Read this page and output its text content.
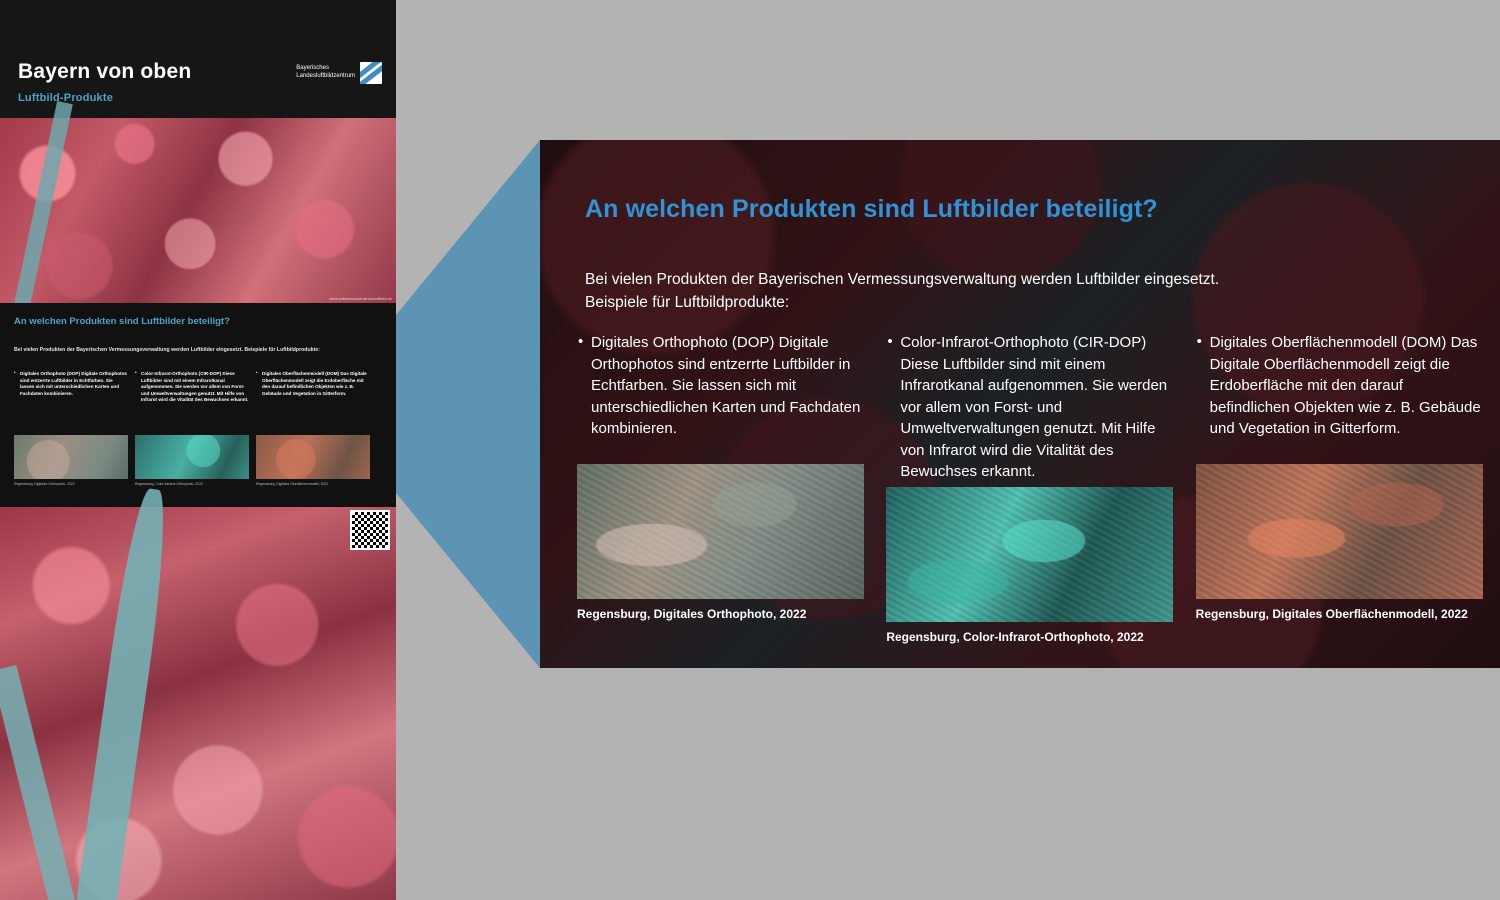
Bayern von oben
Luftbild-Produkte
Bayerisches
Landesluftbildzentrum
www.wissenschaft-landesluftbild.de
An welchen Produkten sind Luftbilder beteiligt?
Bei vielen Produkten der Bayerischen Vermessungsverwaltung werden Luftbilder eingesetzt. Beispiele für Luftbildprodukte:
• Digitales Orthophoto (DOP) Digitale Orthophotos sind entzerrte Luftbilder in Echtfarben. Sie lassen sich mit unterschiedlichen Karten und Fachdaten kombinieren.
Regensburg, Digitales Orthophoto, 2022
• Color-Infrarot-Orthophoto (CIR-DOP) Diese Luftbilder sind mit einem Infrarotkanal aufgenommen. Sie werden vor allem von Forst- und Umweltverwaltungen genutzt. Mit Hilfe von Infrarot wird die Vitalität des Bewuchses erkannt.
Regensburg, Color-Infrarot-Orthophoto, 2022
• Digitales Oberflächenmodell (DOM) Das Digitale Oberflächenmodell zeigt die Erdoberfläche mit den darauf befindlichen Objekten wie z. B. Gebäude und Vegetation in Gitterform.
Regensburg, Digitales Oberflächenmodell, 2022
An welchen Produkten sind Luftbilder beteiligt?
Bei vielen Produkten der Bayerischen Vermessungsverwaltung werden Luftbilder eingesetzt.
Beispiele für Luftbildprodukte:
• Digitales Orthophoto (DOP) Digitale Orthophotos sind entzerrte Luftbilder in Echtfarben. Sie lassen sich mit unterschiedlichen Karten und Fachdaten kombinieren.
Regensburg, Digitales Orthophoto, 2022
• Color-Infrarot-Orthophoto (CIR-DOP) Diese Luftbilder sind mit einem Infrarotkanal aufgenommen. Sie werden vor allem von Forst- und Umweltverwaltungen genutzt. Mit Hilfe von Infrarot wird die Vitalität des Bewuchses erkannt.
Regensburg, Color-Infrarot-Orthophoto, 2022
• Digitales Oberflächenmodell (DOM) Das Digitale Oberflächenmodell zeigt die Erdoberfläche mit den darauf befindlichen Objekten wie z. B. Gebäude und Vegetation in Gitterform.
Regensburg, Digitales Oberflächenmodell, 2022
